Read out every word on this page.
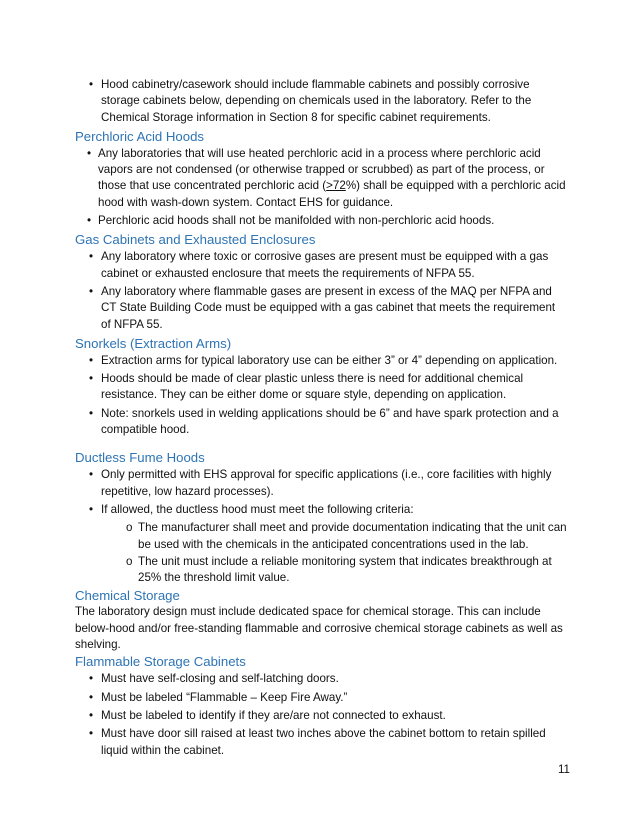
• Hood cabinetry/casework should include flammable cabinets and possibly corrosive storage cabinets below, depending on chemicals used in the laboratory. Refer to the Chemical Storage information in Section 8 for specific cabinet requirements.
Perchloric Acid Hoods
• Any laboratories that will use heated perchloric acid in a process where perchloric acid vapors are not condensed (or otherwise trapped or scrubbed) as part of the process, or those that use concentrated perchloric acid (>72%) shall be equipped with a perchloric acid hood with wash-down system. Contact EHS for guidance.
• Perchloric acid hoods shall not be manifolded with non-perchloric acid hoods.
Gas Cabinets and Exhausted Enclosures
• Any laboratory where toxic or corrosive gases are present must be equipped with a gas cabinet or exhausted enclosure that meets the requirements of NFPA 55.
• Any laboratory where flammable gases are present in excess of the MAQ per NFPA and CT State Building Code must be equipped with a gas cabinet that meets the requirement of NFPA 55.
Snorkels (Extraction Arms)
• Extraction arms for typical laboratory use can be either 3” or 4” depending on application.
• Hoods should be made of clear plastic unless there is need for additional chemical resistance. They can be either dome or square style, depending on application.
• Note: snorkels used in welding applications should be 6” and have spark protection and a compatible hood.
Ductless Fume Hoods
• Only permitted with EHS approval for specific applications (i.e., core facilities with highly repetitive, low hazard processes).
• If allowed, the ductless hood must meet the following criteria:
o The manufacturer shall meet and provide documentation indicating that the unit can be used with the chemicals in the anticipated concentrations used in the lab.
o The unit must include a reliable monitoring system that indicates breakthrough at 25% the threshold limit value.
Chemical Storage

The laboratory design must include dedicated space for chemical storage. This can include below-hood and/or free-standing flammable and corrosive chemical storage cabinets as well as shelving.

Flammable Storage Cabinets
• Must have self-closing and self-latching doors.
• Must be labeled “Flammable – Keep Fire Away.”
• Must be labeled to identify if they are/are not connected to exhaust.
• Must have door sill raised at least two inches above the cabinet bottom to retain spilled liquid within the cabinet.
11
